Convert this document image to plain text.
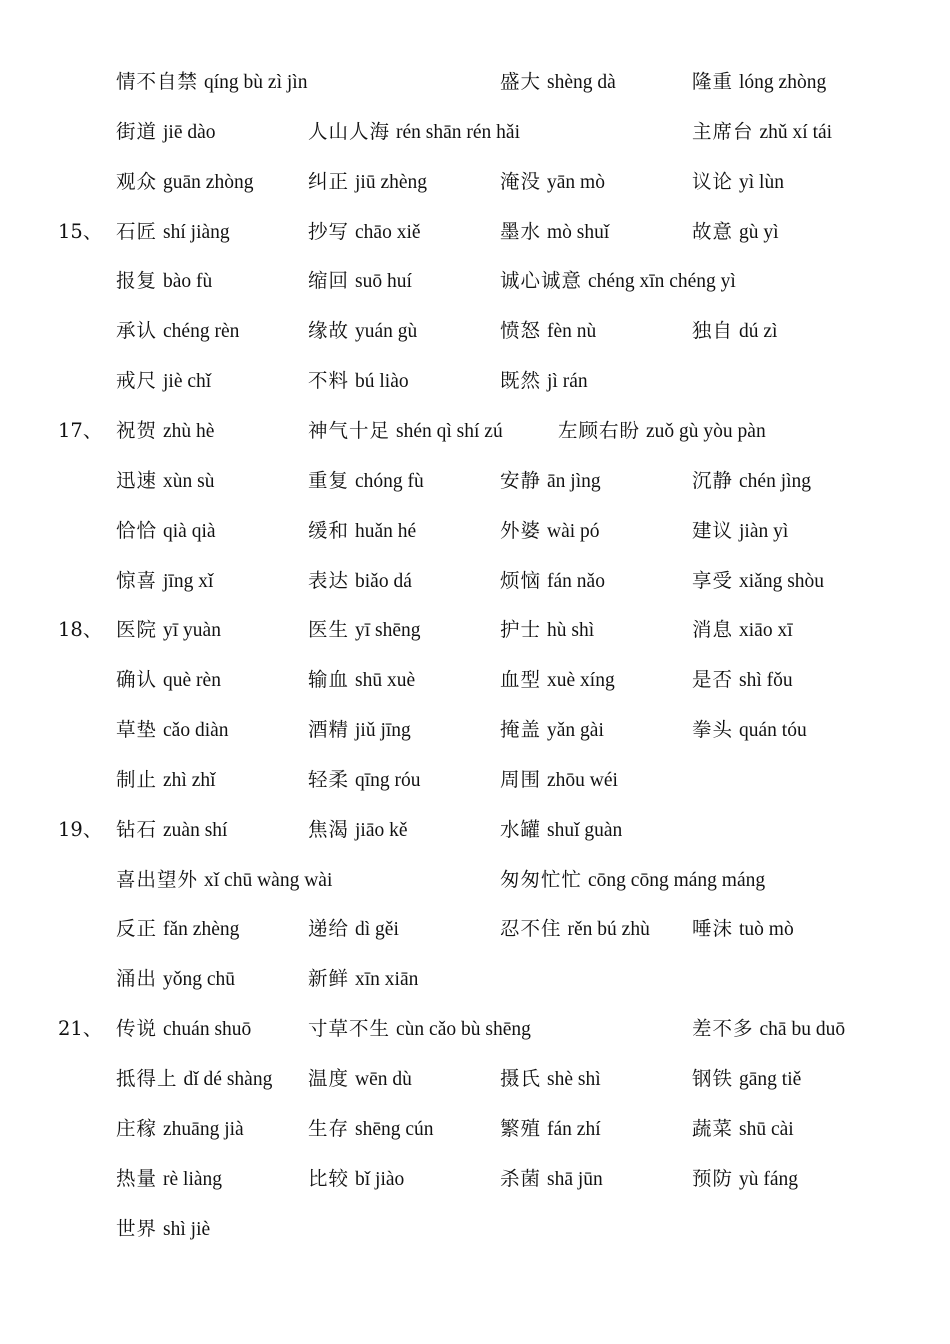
情不自禁 qíng bù zì jìn	盛大 shèng dà	隆重 lóng zhòng
街道 jiē dào	人山人海 rén shān rén hǎi	主席台 zhǔ xí tái
观众 guān zhòng	纠正 jiū zhèng	淹没 yān mò	议论 yì lùn
15、 石匠 shí jiàng	抄写 chāo xiě	墨水 mò shuǐ	故意 gù yì
报复 bào fù	缩回 suō huí	诚心诚意 chéng xīn chéng yì
承认 chéng rèn	缘故 yuán gù	愤怒 fèn nù	独自 dú zì
戒尺 jiè chǐ	不料 bú liào	既然 jì rán
17、 祝贺 zhù hè	神气十足 shén qì shí zú	左顾右盼 zuǒ gù yòu pàn
迅速 xùn sù	重复 chóng fù	安静 ān jìng	沉静 chén jìng
恰恰 qià qià	缓和 huǎn hé	外婆 wài pó	建议 jiàn yì
惊喜 jīng xǐ	表达 biǎo dá	烦恼 fán nǎo	享受 xiǎng shòu
18、 医院 yī yuàn	医生 yī shēng	护士 hù shì	消息 xiāo xī
确认 què rèn	输血 shū xuè	血型 xuè xíng	是否 shì fǒu
草垫 cǎo diàn	酒精 jiǔ jīng	掩盖 yǎn gài	拳头 quán tóu
制止 zhì zhǐ	轻柔 qīng róu	周围 zhōu wéi
19、 钻石 zuàn shí	焦渴 jiāo kě	水罐 shuǐ guàn
喜出望外 xǐ chū wàng wài	匆匆忙忙 cōng cōng máng máng
反正 fǎn zhèng	递给 dì gěi	忍不住 rěn bú zhù 唾沫 tuò mò
涌出 yǒng chū	新鲜 xīn xiān
21、 传说 chuán shuō	寸草不生 cùn cǎo bù shēng	差不多 chā bu duō
抵得上 dǐ dé shàng 温度 wēn dù	摄氏 shè shì	钢铁 gāng tiě
庄稼 zhuāng jià	生存 shēng cún	繁殖 fán zhí	蔬菜 shū cài
热量 rè liàng	比较 bǐ jiào	杀菌 shā jūn	预防 yù fáng
世界 shì jiè
